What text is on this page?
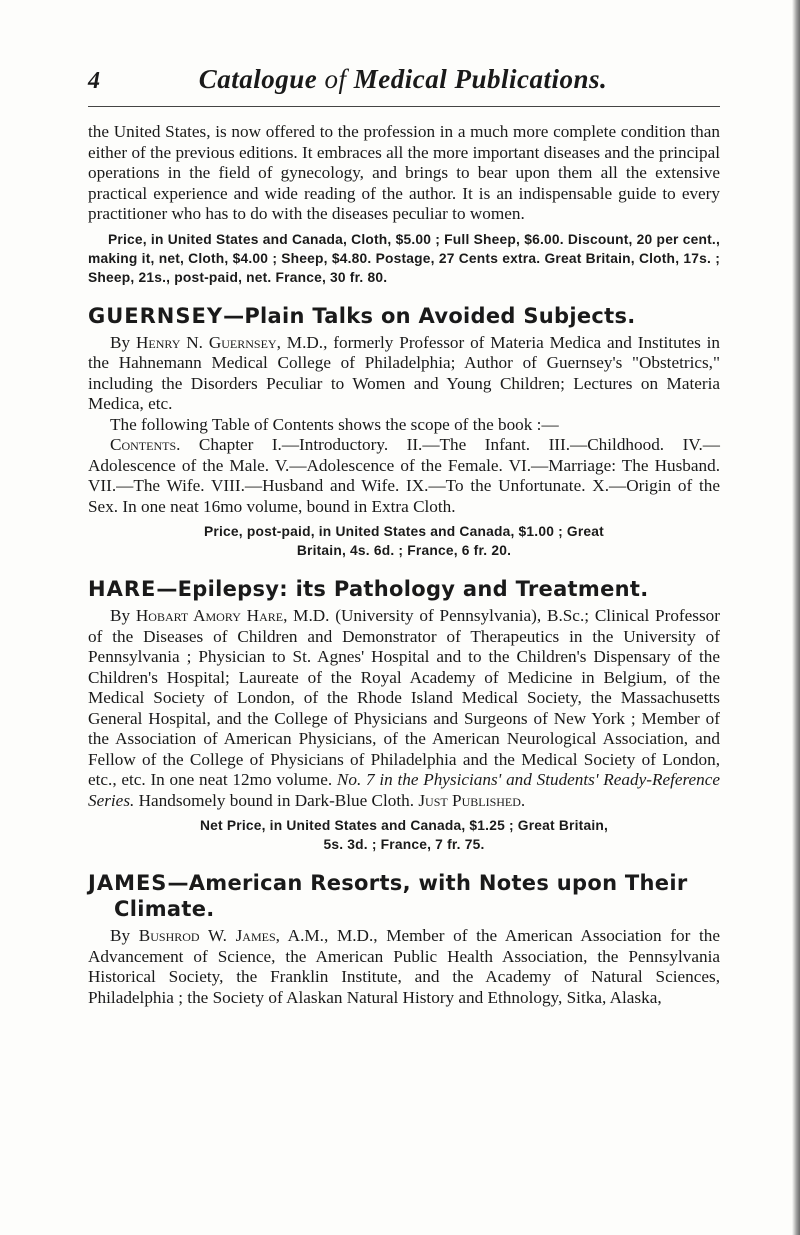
4	Catalogue of Medical Publications.

the United States, is now offered to the profession in a much more complete condition than either of the previous editions. It embraces all the more important diseases and the principal operations in the field of gynecology, and brings to bear upon them all the extensive practical experience and wide reading of the author. It is an indispensable guide to every practitioner who has to do with the diseases peculiar to women.

Price, in United States and Canada, Cloth, $5.00 ; Full Sheep, $6.00. Discount, 20 per cent., making it, net, Cloth, $4.00 ; Sheep, $4.80. Postage, 27 Cents extra. Great Britain, Cloth, 17s. ; Sheep, 21s., post-paid, net. France, 30 fr. 80.

GUERNSEY—Plain Talks on Avoided Subjects.

By Henry N. Guernsey, M.D., formerly Professor of Materia Medica and Institutes in the Hahnemann Medical College of Philadelphia; Author of Guernsey's "Obstetrics," including the Disorders Peculiar to Women and Young Children; Lectures on Materia Medica, etc.

The following Table of Contents shows the scope of the book :—

Contents. Chapter I.—Introductory. II.—The Infant. III.—Childhood. IV.—Adolescence of the Male. V.—Adolescence of the Female. VI.—Marriage: The Husband. VII.—The Wife. VIII.—Husband and Wife. IX.—To the Unfortunate. X.—Origin of the Sex. In one neat 16mo volume, bound in Extra Cloth.

Price, post-paid, in United States and Canada, $1.00 ; Great
Britain, 4s. 6d. ; France, 6 fr. 20.

HARE—Epilepsy: its Pathology and Treatment.

By Hobart Amory Hare, M.D. (University of Pennsylvania), B.Sc.; Clinical Professor of the Diseases of Children and Demonstrator of Therapeutics in the University of Pennsylvania ; Physician to St. Agnes' Hospital and to the Children's Dispensary of the Children's Hospital; Laureate of the Royal Academy of Medicine in Belgium, of the Medical Society of London, of the Rhode Island Medical Society, the Massachusetts General Hospital, and the College of Physicians and Surgeons of New York ; Member of the Association of American Physicians, of the American Neurological Association, and Fellow of the College of Physicians of Philadelphia and the Medical Society of London, etc., etc. In one neat 12mo volume. No. 7 in the Physicians' and Students' Ready-Reference Series. Handsomely bound in Dark-Blue Cloth. Just Published.

Net Price, in United States and Canada, $1.25 ; Great Britain,
5s. 3d. ; France, 7 fr. 75.

JAMES—American Resorts, with Notes upon Their
Climate.

By Bushrod W. James, A.M., M.D., Member of the American Association for the Advancement of Science, the American Public Health Association, the Pennsylvania Historical Society, the Franklin Institute, and the Academy of Natural Sciences, Philadelphia ; the Society of Alaskan Natural History and Ethnology, Sitka, Alaska,
